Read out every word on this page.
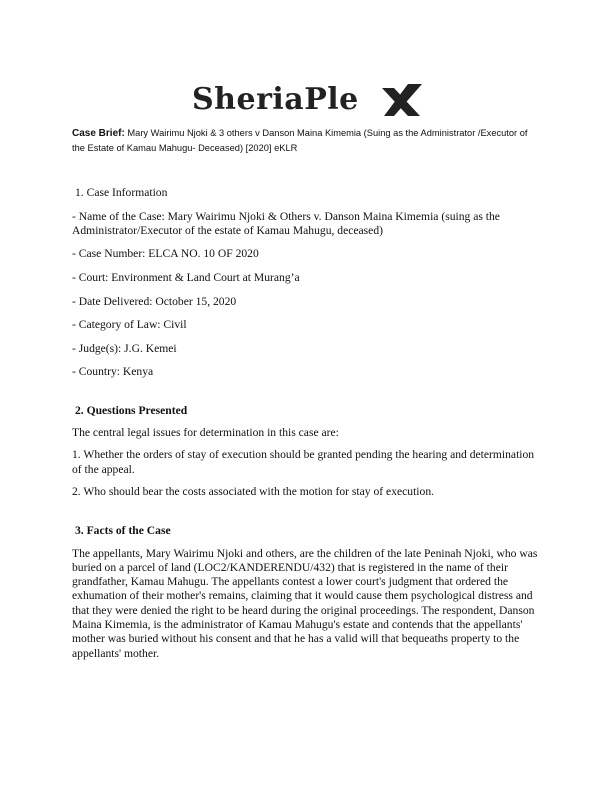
SheriaPle
Case Brief: Mary Wairimu Njoki & 3 others v Danson Maina Kimemia (Suing as the Administrator /Executor of the Estate of Kamau Mahugu- Deceased) [2020] eKLR

1. Case Information

- Name of the Case: Mary Wairimu Njoki & Others v. Danson Maina Kimemia (suing as the Administrator/Executor of the estate of Kamau Mahugu, deceased)

- Case Number: ELCA NO. 10 OF 2020

- Court: Environment & Land Court at Murang’a

- Date Delivered: October 15, 2020

- Category of Law: Civil

- Judge(s): J.G. Kemei

- Country: Kenya

2. Questions Presented

The central legal issues for determination in this case are:

1. Whether the orders of stay of execution should be granted pending the hearing and determination of the appeal.

2. Who should bear the costs associated with the motion for stay of execution.

3. Facts of the Case

The appellants, Mary Wairimu Njoki and others, are the children of the late Peninah Njoki, who was buried on a parcel of land (LOC2/KANDERENDU/432) that is registered in the name of their grandfather, Kamau Mahugu. The appellants contest a lower court's judgment that ordered the exhumation of their mother's remains, claiming that it would cause them psychological distress and that they were denied the right to be heard during the original proceedings. The respondent, Danson Maina Kimemia, is the administrator of Kamau Mahugu's estate and contends that the appellants' mother was buried without his consent and that he has a valid will that bequeaths property to the appellants' mother.
